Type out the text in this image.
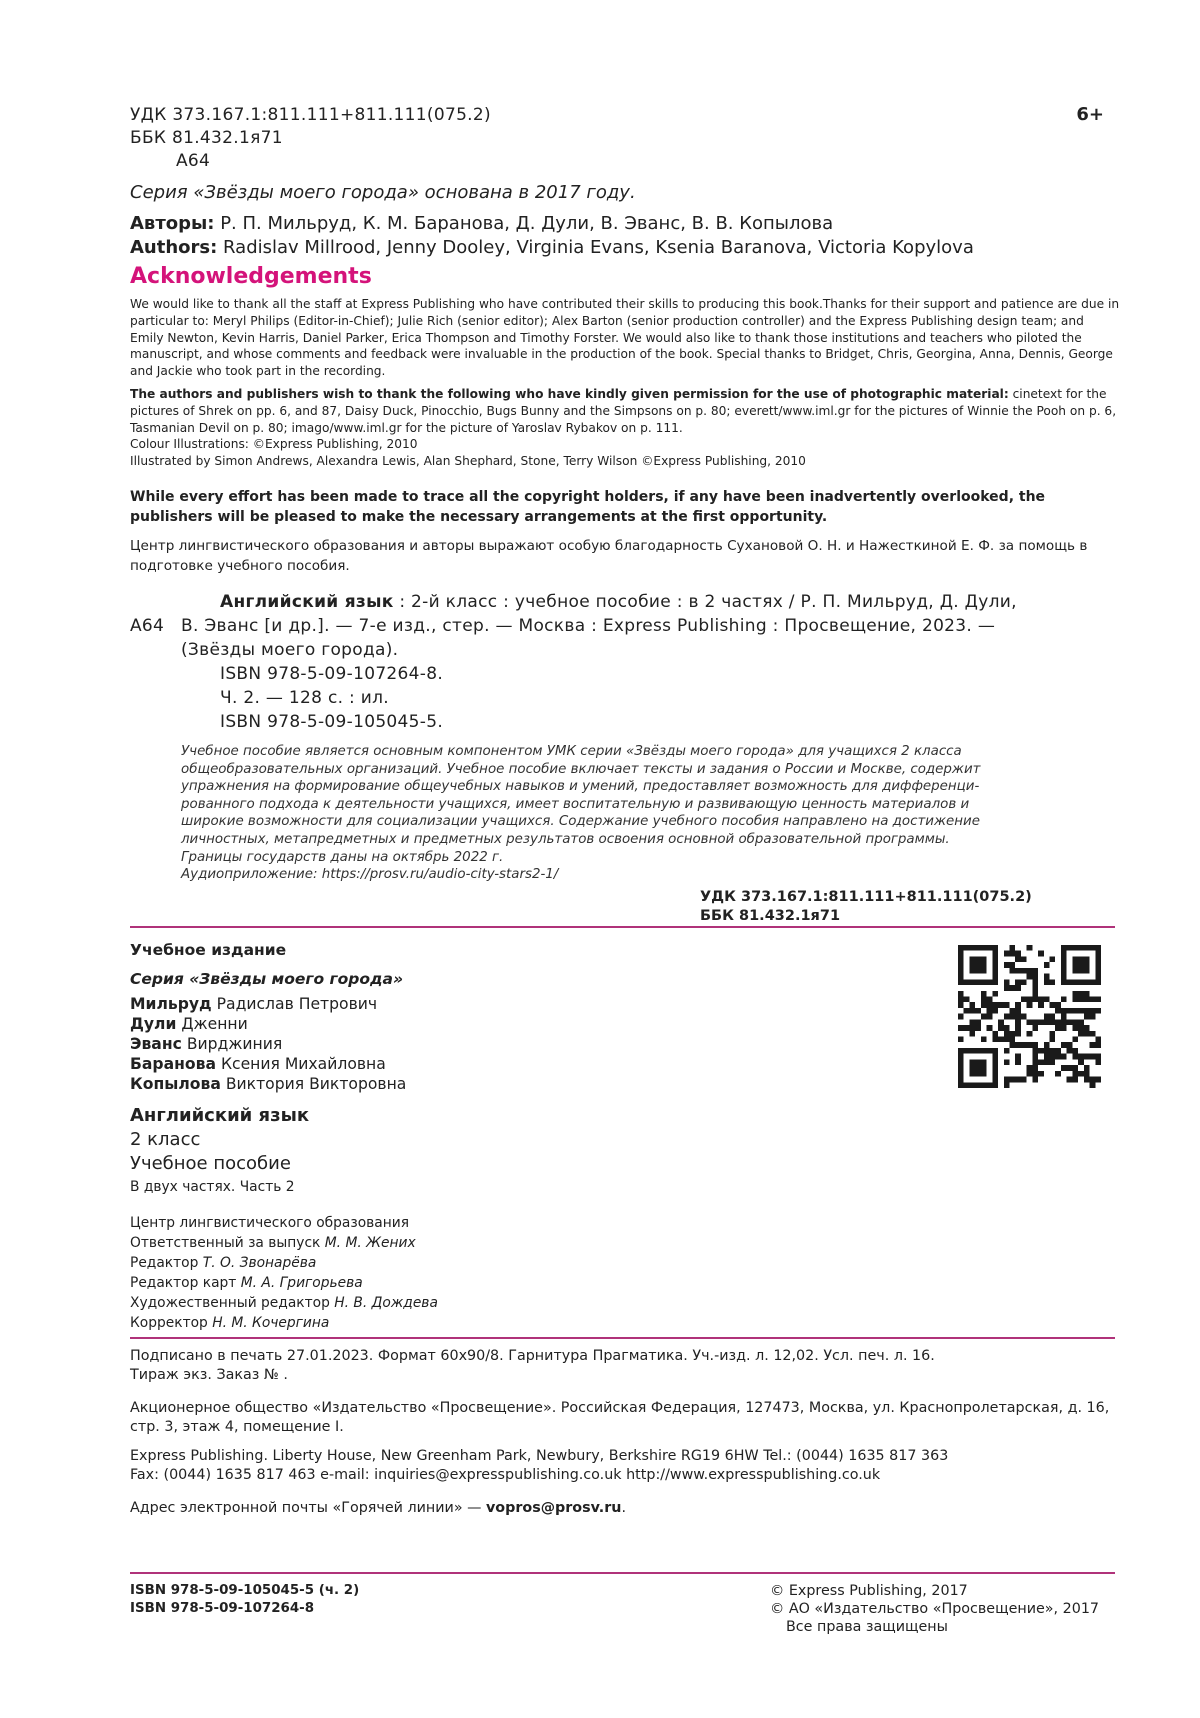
УДК 373.167.1:811.111+811.111(075.2)
ББК 81.432.1я71
А64
6+
Серия «Звёзды моего города» основана в 2017 году.
Авторы: Р. П. Мильруд, К. М. Баранова, Д. Дули, В. Эванс, В. В. Копылова
Authors: Radislav Millrood, Jenny Dooley, Virginia Evans, Ksenia Baranova, Victoria Kopylova
Acknowledgements
We would like to thank all the staff at Express Publishing who have contributed their skills to producing this book.Thanks for their support and patience are due in particular to: Meryl Philips (Editor-in-Chief); Julie Rich (senior editor); Alex Barton (senior production controller) and the Express Publishing design team; and Emily Newton, Kevin Harris, Daniel Parker, Erica Thompson and Timothy Forster. We would also like to thank those institutions and teachers who piloted the manuscript, and whose comments and feedback were invaluable in the production of the book. Special thanks to Bridget, Chris, Georgina, Anna, Dennis, George and Jackie who took part in the recording.
The authors and publishers wish to thank the following who have kindly given permission for the use of photographic material: cinetext for the pictures of Shrek on pp. 6, and 87, Daisy Duck, Pinocchio, Bugs Bunny and the Simpsons on p. 80; everett/www.iml.gr for the pictures of Winnie the Pooh on p. 6, Tasmanian Devil on p. 80; imago/www.iml.gr for the picture of Yaroslav Rybakov on p. 111.
Colour Illustrations: ©Express Publishing, 2010
Illustrated by Simon Andrews, Alexandra Lewis, Alan Shephard, Stone, Terry Wilson ©Express Publishing, 2010
While every effort has been made to trace all the copyright holders, if any have been inadvertently overlooked, the publishers will be pleased to make the necessary arrangements at the first opportunity.
Центр лингвистического образования и авторы выражают особую благодарность Сухановой О. Н. и Нажесткиной Е. Ф. за помощь в подготовке учебного пособия.
Английский язык : 2-й класс : учебное пособие : в 2 частях / Р. П. Мильруд, Д. Дули,
А64 В. Эванс [и др.]. — 7-е изд., стер. — Москва : Express Publishing : Просвещение, 2023. —
(Звёзды моего города).
ISBN 978-5-09-107264-8.
Ч. 2. — 128 с. : ил.
ISBN 978-5-09-105045-5.
Учебное пособие является основным компонентом УМК серии «Звёзды моего города» для учащихся 2 класса
общеобразовательных организаций. Учебное пособие включает тексты и задания о России и Москве, содержит
упражнения на формирование общеучебных навыков и умений, предоставляет возможность для дифференци-
рованного подхода к деятельности учащихся, имеет воспитательную и развивающую ценность материалов и
широкие возможности для социализации учащихся. Содержание учебного пособия направлено на достижение
личностных, метапредметных и предметных результатов освоения основной образовательной программы.
Границы государств даны на октябрь 2022 г.
Аудиоприложение: https://prosv.ru/audio-city-stars2-1/
УДК 373.167.1:811.111+811.111(075.2)
ББК 81.432.1я71
Учебное издание
Серия «Звёзды моего города»
Мильруд Радислав Петрович
Дули Дженни
Эванс Вирджиния
Баранова Ксения Михайловна
Копылова Виктория Викторовна
Английский язык
2 класс
Учебное пособие
В двух частях. Часть 2
Центр лингвистического образования
Ответственный за выпуск М. М. Жених
Редактор Т. О. Звонарёва
Редактор карт М. А. Григорьева
Художественный редактор Н. В. Дождева
Корректор Н. М. Кочергина

Подписано в печать 27.01.2023. Формат 60x90/8. Гарнитура Прагматика. Уч.-изд. л. 12,02. Усл. печ. л. 16.
Тираж экз. Заказ № .

Акционерное общество «Издательство «Просвещение». Российская Федерация, 127473, Москва, ул. Краснопролетарская, д. 16, стр. 3, этаж 4, помещение I.

Express Publishing. Liberty House, New Greenham Park, Newbury, Berkshire RG19 6HW Tel.: (0044) 1635 817 363
Fax: (0044) 1635 817 463 e-mail: inquiries@expresspublishing.co.uk http://www.expresspublishing.co.uk

Адрес электронной почты «Горячей линии» — vopros@prosv.ru.

ISBN 978-5-09-105045-5 (ч. 2)
ISBN 978-5-09-107264-8
© Express Publishing, 2017
© АО «Издательство «Просвещение», 2017
Все права защищены
